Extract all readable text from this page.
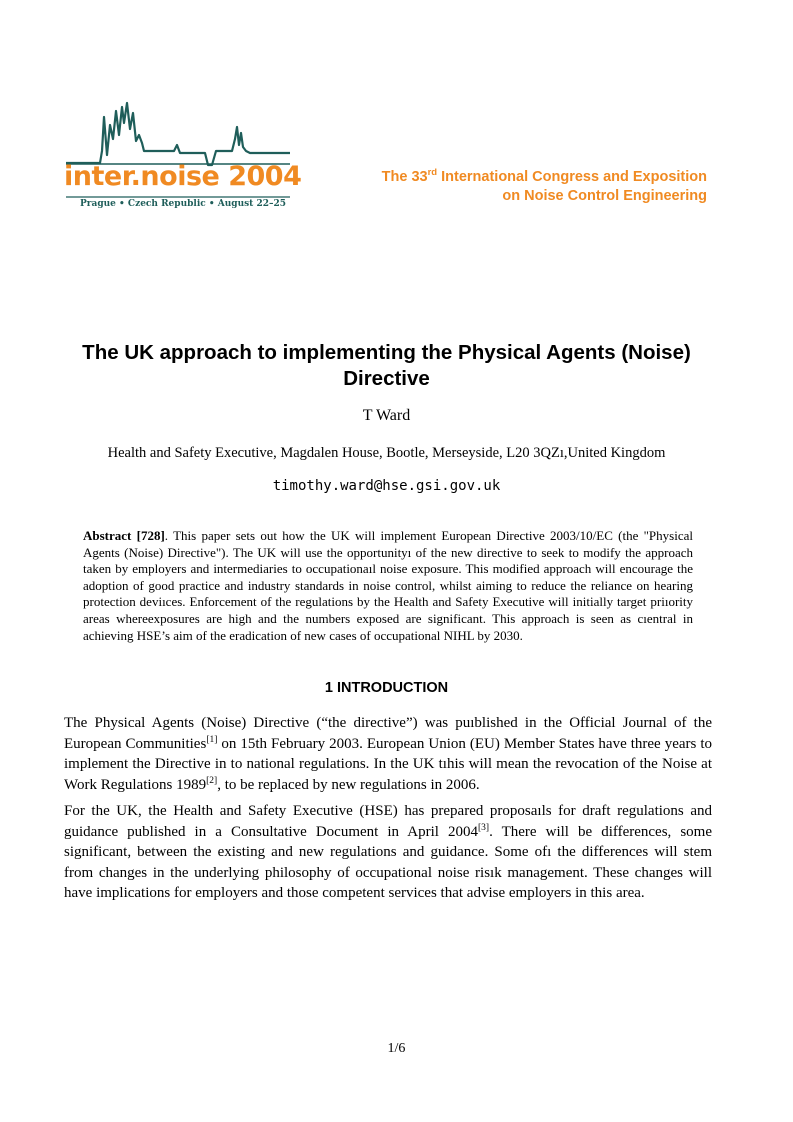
inter.noise 2004
Prague • Czech Republic • August 22–25
The 33rd International Congress and Exposition
on Noise Control Engineering
The UK approach to implementing the Physical Agents (Noise) Directive
T Ward
Health and Safety Executive, Magdalen House, Bootle, Merseyside, L20 3QZı,United Kingdom
timothy.ward@hse.gsi.gov.uk

Abstract [728]. This paper sets out how the UK will implement European Directive 2003/10/EC (the "Physical Agents (Noise) Directive"). The UK will use the opportunityı of the new directive to seek to modify the approach taken by employers and intermediaries to occupationaıl noise exposure. This modified approach will encourage the adoption of good practice and industry standards in noise control, whilst aiming to reduce the reliance on hearing protection deviıces. Enforcement of the regulations by the Health and Safety Executive will initially target priıority areas whereexposures are high and the numbers exposed are significant. This approach is seen as cıentral in achieving HSE’s aim of the eradication of new cases of occupational NIHL by 2030.

1 INTRODUCTION

The Physical Agents (Noise) Directive (“the directive”) was puıblished in the Official Journal of the European Communities[1] on 15th February 2003. European Union (EU) Member States have three years to implement the Directive in to national regulations. In the UK tıhis will mean the revocation of the Noise at Work Regulations 1989[2], to be replaced by new regulations in 2006.

For the UK, the Health and Safety Executive (HSE) has prepared proposaıls for draft regulations and guidance published in a Consultative Document in April 2004[3]. There will be differences, some significant, between the existing and new regulations and guidance. Some ofı the differences will stem from changes in the underlying philosophy of occupational noise risık management. These changes will have implications for employers and those competent services that advise employers in this area.

1/6
